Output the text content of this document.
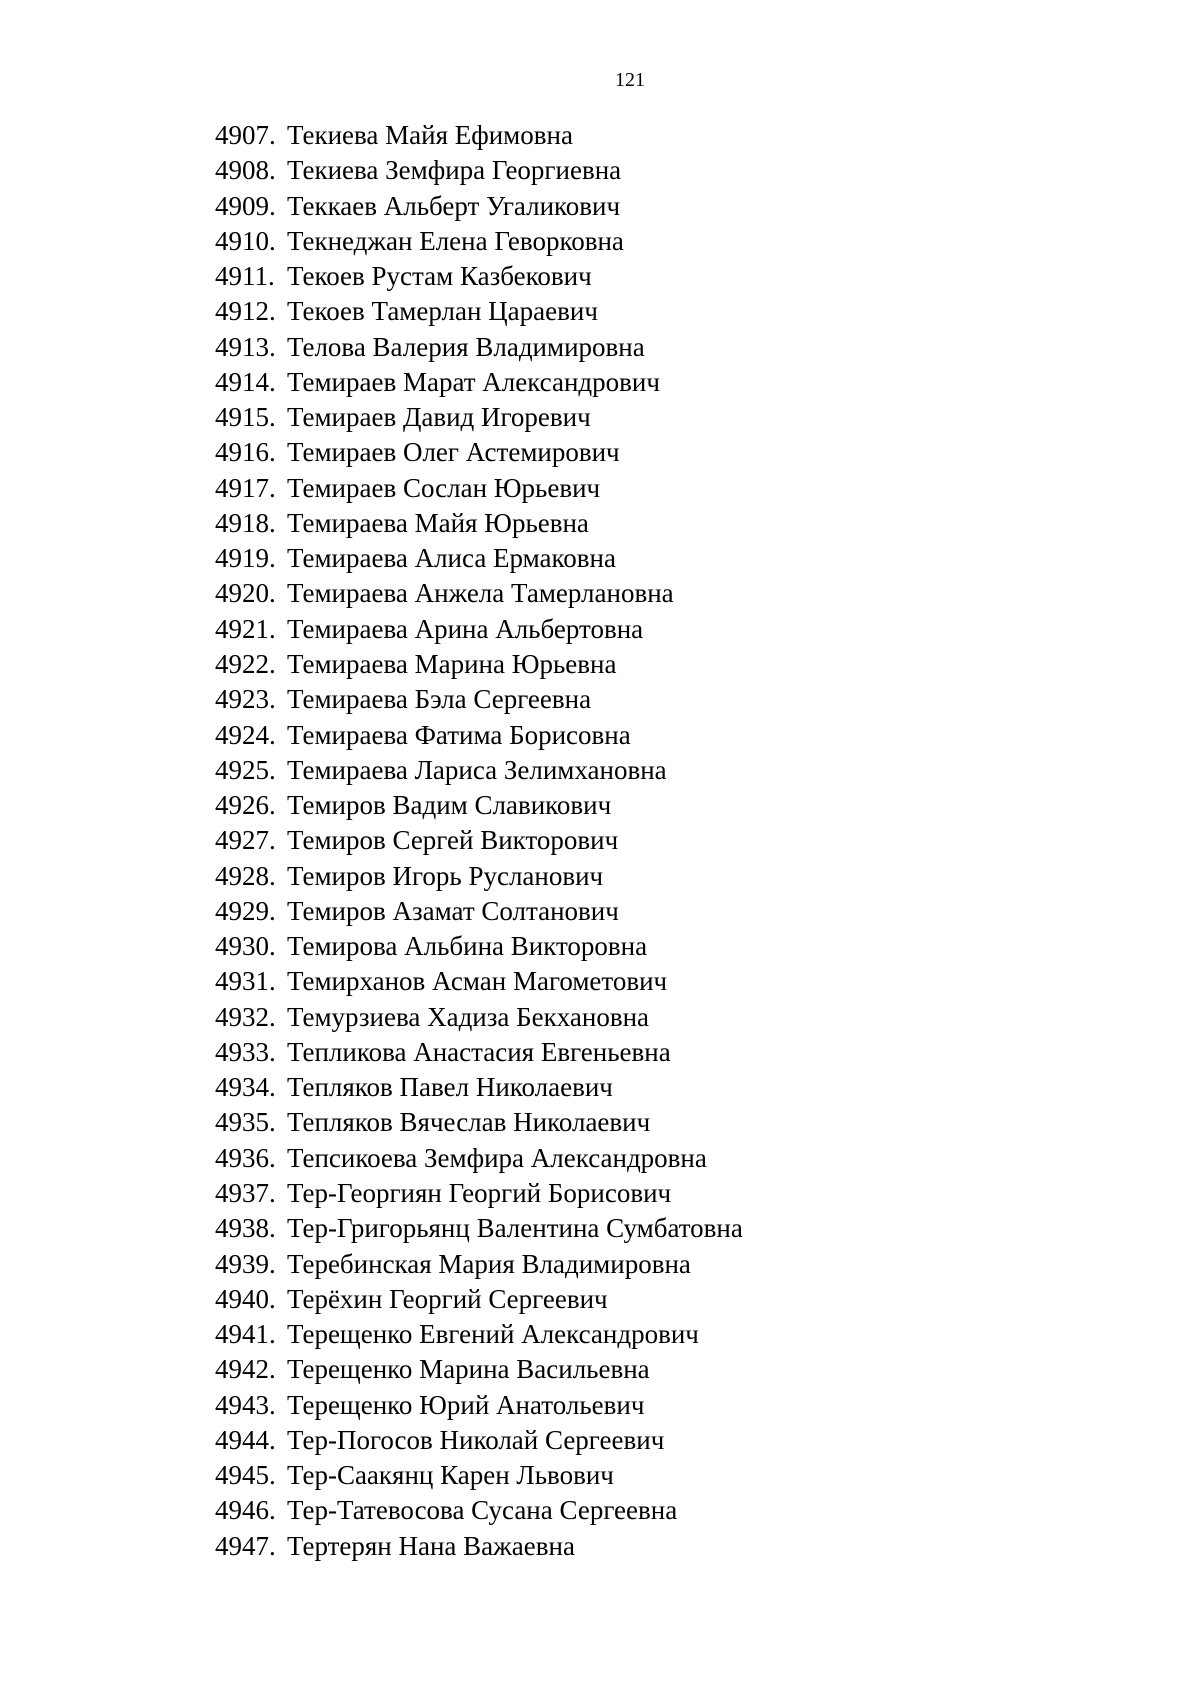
121
4907. Текиева Майя Ефимовна
4908. Текиева Земфира Георгиевна
4909. Теккаев Альберт Угаликович
4910. Текнеджан Елена Геворковна
4911. Текоев Рустам Казбекович
4912. Текоев Тамерлан Цараевич
4913. Телова Валерия Владимировна
4914. Темираев Марат Александрович
4915. Темираев Давид Игоревич
4916. Темираев Олег Астемирович
4917. Темираев Сослан Юрьевич
4918. Темираева Майя Юрьевна
4919. Темираева Алиса Ермаковна
4920. Темираева Анжела Тамерлановна
4921. Темираева Арина Альбертовна
4922. Темираева Марина Юрьевна
4923. Темираева Бэла Сергеевна
4924. Темираева Фатима Борисовна
4925. Темираева Лариса Зелимхановна
4926. Темиров Вадим Славикович
4927. Темиров Сергей Викторович
4928. Темиров Игорь Русланович
4929. Темиров Азамат Солтанович
4930. Темирова Альбина Викторовна
4931. Темирханов Асман Магометович
4932. Темурзиева Хадиза Бекхановна
4933. Тепликова Анастасия Евгеньевна
4934. Тепляков Павел Николаевич
4935. Тепляков Вячеслав Николаевич
4936. Тепсикоева Земфира Александровна
4937. Тер-Георгиян Георгий Борисович
4938. Тер-Григорьянц Валентина Сумбатовна
4939. Теребинская Мария Владимировна
4940. Терёхин Георгий Сергеевич
4941. Терещенко Евгений Александрович
4942. Терещенко Марина Васильевна
4943. Терещенко Юрий Анатольевич
4944. Тер-Погосов Николай Сергеевич
4945. Тер-Саакянц Карен Львович
4946. Тер-Татевосова Сусана Сергеевна
4947. Тертерян Нана Важаевна
